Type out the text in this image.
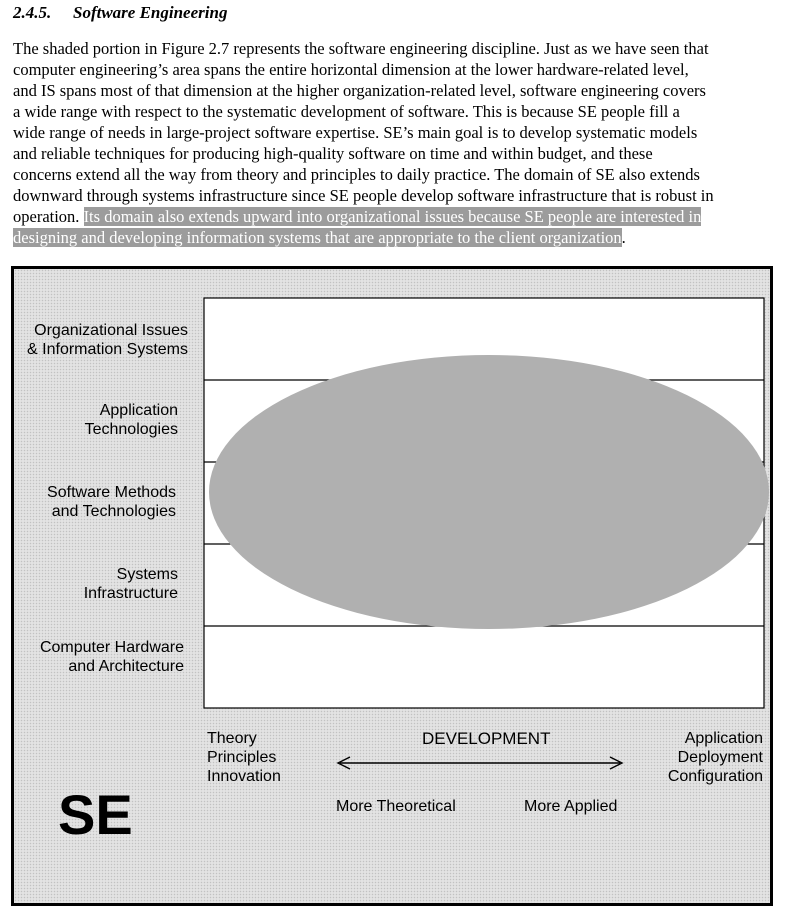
2.4.5. Software Engineering
The shaded portion in Figure 2.7 represents the software engineering discipline. Just as we have seen that
computer engineering’s area spans the entire horizontal dimension at the lower hardware-related level,
and IS spans most of that dimension at the higher organization-related level, software engineering covers
a wide range with respect to the systematic development of software. This is because SE people fill a
wide range of needs in large-project software expertise. SE’s main goal is to develop systematic models
and reliable techniques for producing high-quality software on time and within budget, and these
concerns extend all the way from theory and principles to daily practice. The domain of SE also extends
downward through systems infrastructure since SE people develop software infrastructure that is robust in
operation. Its domain also extends upward into organizational issues because SE people are interested in
designing and developing information systems that are appropriate to the client organization.
Organizational Issues
& Information Systems
Application
Technologies
Software Methods
and Technologies
Systems
Infrastructure
Computer Hardware
and Architecture
Theory
Principles
Innovation
Application
Deployment
Configuration
DEVELOPMENT
More Theoretical	More Applied
SE
